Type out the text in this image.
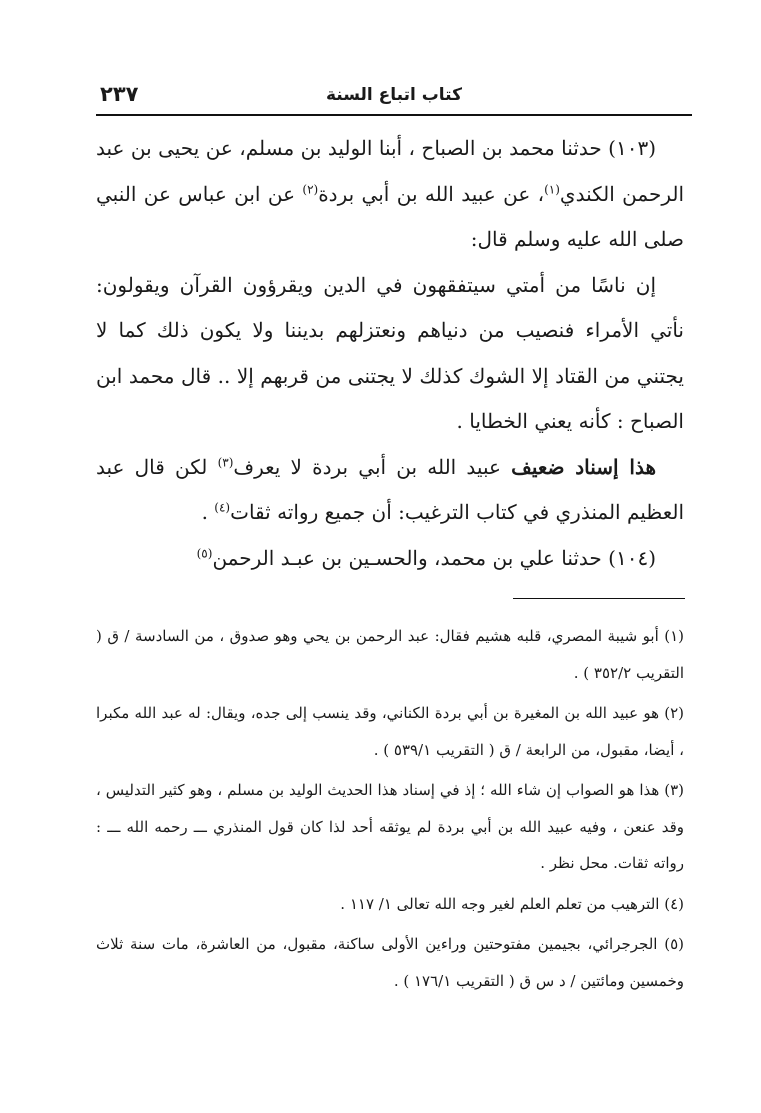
٢٣٧	كتاب اتباع السنة

(١٠٣) حدثنا محمد بن الصباح ، أبنا الوليد بن مسلم، عن يحيى بن عبد الرحمن الكندي$^{(١)}$، عن عبيد الله بن أبي بردة$^{(٢)}$ عن ابن عباس عن النبي صلى الله عليه وسلم قال:

إن ناسًا من أمتي سيتفقهون في الدين ويقرؤون القرآن ويقولون: نأتي الأمراء فنصيب من دنياهم ونعتزلهم بديننا ولا يكون ذلك كما لا يجتني من القتاد إلا الشوك كذلك لا يجتنى من قربهم إلا .. قال محمد ابن الصباح : كأنه يعني الخطايا .

هذا إسناد ضعيف عبيد الله بن أبي بردة لا يعرف$^{(٣)}$ لكن قال عبد العظيم المنذري في كتاب الترغيب: أن جميع رواته ثقات$^{(٤)}$ .

(١٠٤) حدثنا علي بن محمد، والحسـين بن عبـد الرحمن$^{(٥)}$

(١) أبو شيبة المصري، قلبه هشيم فقال: عبد الرحمن بن يحي وهو صدوق ، من السادسة / ق ( التقريب ٣٥٢/٢ ) .

(٢) هو عبيد الله بن المغيرة بن أبي بردة الكناني، وقد ينسب إلى جده، ويقال: له عبد الله مكبرا ، أيضا، مقبول، من الرابعة / ق ( التقريب ٥٣٩/١ ) .

(٣) هذا هو الصواب إن شاء الله ؛ إذ في إسناد هذا الحديث الوليد بن مسلم ، وهو كثير التدليس ، وقد عنعن ، وفيه عبيد الله بن أبي بردة لم يوثقه أحد لذا كان قول المنذري ـــ رحمه الله ـــ : رواته ثقات. محل نظر .

(٤) الترهيب من تعلم العلم لغير وجه الله تعالى ١/ ١١٧ .

(٥) الجرجرائي، بجيمين مفتوحتين وراءين الأولى ساكنة، مقبول، من العاشرة، مات سنة ثلاث وخمسين ومائتين / د س ق ( التقريب ١٧٦/١ ) .
